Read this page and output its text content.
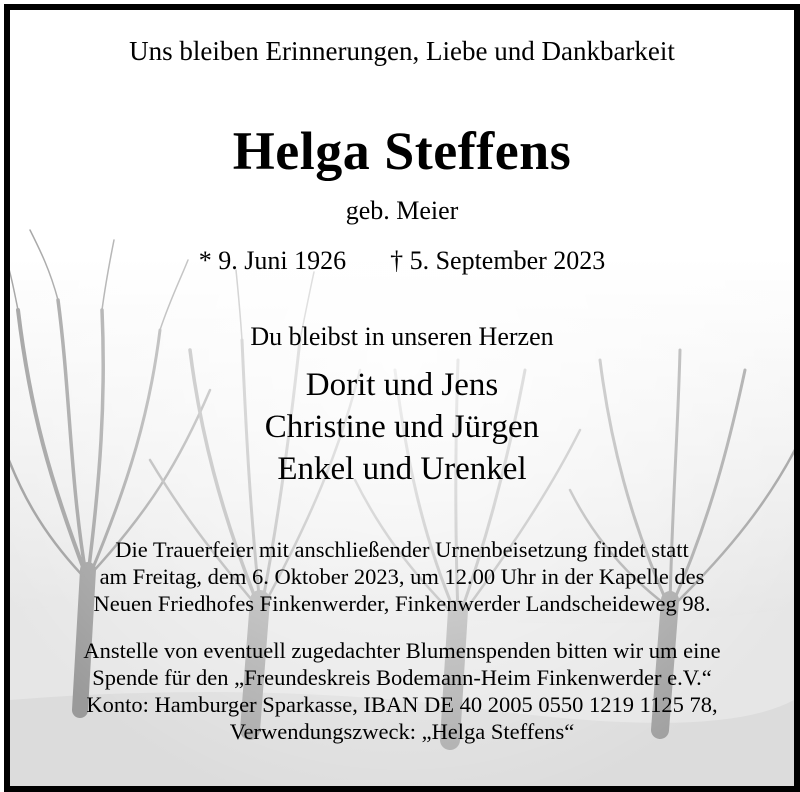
Uns bleiben Erinnerungen, Liebe und Dankbarkeit
Helga Steffens
geb. Meier
* 9. Juni 1926 † 5. September 2023
Du bleibst in unseren Herzen
Dorit und Jens
Christine und Jürgen
Enkel und Urenkel
Die Trauerfeier mit anschließender Urnenbeisetzung findet statt
am Freitag, dem 6. Oktober 2023, um 12.00 Uhr in der Kapelle des
Neuen Friedhofes Finkenwerder, Finkenwerder Landscheideweg 98.
Anstelle von eventuell zugedachter Blumenspenden bitten wir um eine
Spende für den „Freundeskreis Bodemann-Heim Finkenwerder e.V.“
Konto: Hamburger Sparkasse, IBAN DE 40 2005 0550 1219 1125 78,
Verwendungszweck: „Helga Steffens“
